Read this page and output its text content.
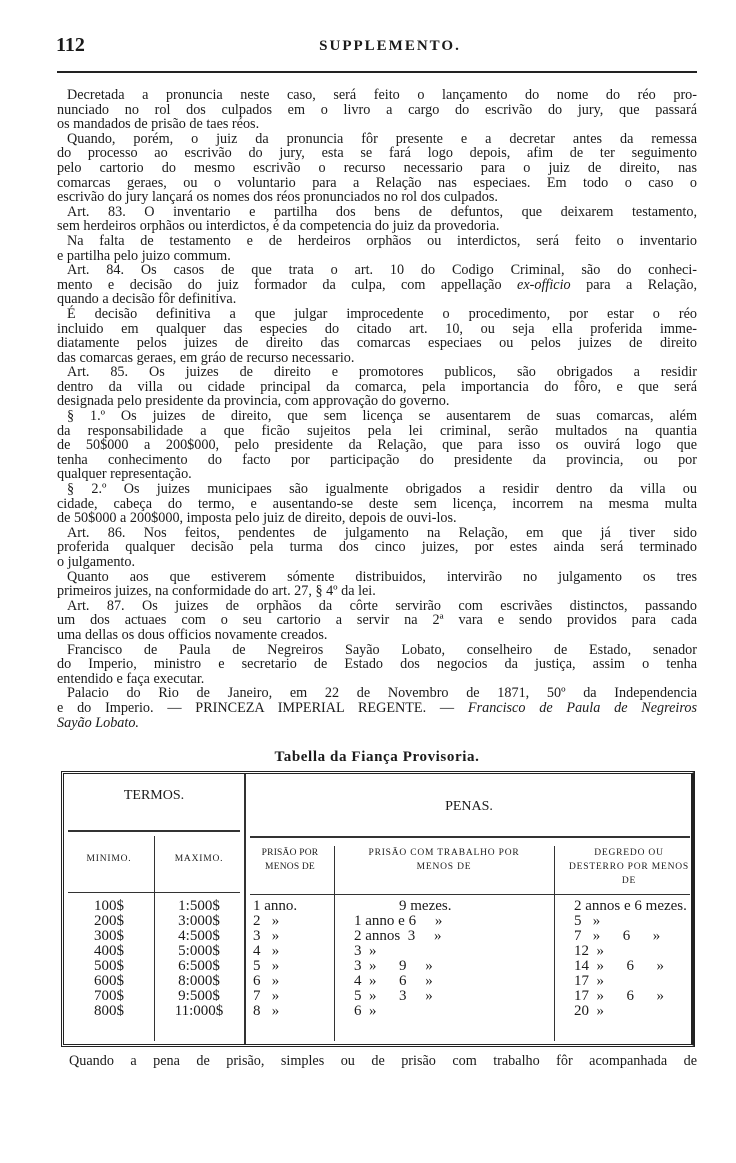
112	SUPPLEMENTO.
Decretada a pronuncia neste caso, será feito o lançamento do nome do réo pro-
nunciado no rol dos culpados em o livro a cargo do escrivão do jury, que passará
os mandados de prisão de taes réos.
Quando, porém, o juiz da pronuncia fôr presente e a decretar antes da remessa
do processo ao escrivão do jury, esta se fará logo depois, afim de ter seguimento
pelo cartorio do mesmo escrivão o recurso necessario para o juiz de direito, nas
comarcas geraes, ou o voluntario para a Relação nas especiaes. Em todo o caso o
escrivão do jury lançará os nomes dos réos pronunciados no rol dos culpados.
Art. 83. O inventario e partilha dos bens de defuntos, que deixarem testamento,
sem herdeiros orphãos ou interdictos, é da competencia do juiz da provedoria.
Na falta de testamento e de herdeiros orphãos ou interdictos, será feito o inventario
e partilha pelo juizo commum.
Art. 84. Os casos de que trata o art. 10 do Codigo Criminal, são do conheci-
mento e decisão do juiz formador da culpa, com appellação ex-officio para a Relação,
quando a decisão fôr definitiva.
É decisão definitiva a que julgar improcedente o procedimento, por estar o réo
incluido em qualquer das especies do citado art. 10, ou seja ella proferida imme-
diatamente pelos juizes de direito das comarcas especiaes ou pelos juizes de direito
das comarcas geraes, em gráo de recurso necessario.
Art. 85. Os juizes de direito e promotores publicos, são obrigados a residir
dentro da villa ou cidade principal da comarca, pela importancia do fôro, e que será
designada pelo presidente da provincia, com approvação do governo.
§ 1.º Os juizes de direito, que sem licença se ausentarem de suas comarcas, além
da responsabilidade a que ficão sujeitos pela lei criminal, serão multados na quantia
de 50$000 a 200$000, pelo presidente da Relação, que para isso os ouvirá logo que
tenha conhecimento do facto por participação do presidente da provincia, ou por
qualquer representação.
§ 2.º Os juizes municipaes são igualmente obrigados a residir dentro da villa ou
cidade, cabeça do termo, e ausentando-se deste sem licença, incorrem na mesma multa
de 50$000 a 200$000, imposta pelo juiz de direito, depois de ouvi-los.
Art. 86. Nos feitos, pendentes de julgamento na Relação, em que já tiver sido
proferida qualquer decisão pela turma dos cinco juizes, por estes ainda será terminado
o julgamento.
Quanto aos que estiverem sómente distribuidos, intervirão no julgamento os tres
primeiros juizes, na conformidade do art. 27, § 4º da lei.
Art. 87. Os juizes de orphãos da côrte servirão com escrivães distinctos, passando
um dos actuaes com o seu cartorio a servir na 2ª vara e sendo providos para cada
uma dellas os dous officios novamente creados.
Francisco de Paula de Negreiros Sayão Lobato, conselheiro de Estado, senador
do Imperio, ministro e secretario de Estado dos negocios da justiça, assim o tenha
entendido e faça executar.
Palacio do Rio de Janeiro, em 22 de Novembro de 1871, 50º da Independencia
e do Imperio. — PRINCEZA IMPERIAL REGENTE. — Francisco de Paula de Negreiros
Sayão Lobato.
Tabella da Fiança Provisoria.
TERMOS.
PENAS.
MINIMO.	MAXIMO.
PRISÃO POR MENOS DE
PRISÃO COM TRABALHO POR MENOS DE
DEGREDO OU DESTERRO POR MENOS DE
100$
200$
300$
400$
500$
600$
700$
800$
1:500$
3:000$
4:500$
5:000$
6:500$
8:000$
9:500$
11:000$
1 anno.
2   »
3   »
4   »
5   »
6   »
7   »
8   »
9 mezes.
1 anno e 6     »
2 annos  3     »
3  »
3  »      9     »
4  »      6     »
5  »      3     »
6  »
2 annos e 6 mezes.
5   »
7   »      6      »
12  »
14  »      6      »
17  »
17  »      6      »
20  »
Quando a pena de prisão, simples ou de prisão com trabalho fôr acompanhada de
